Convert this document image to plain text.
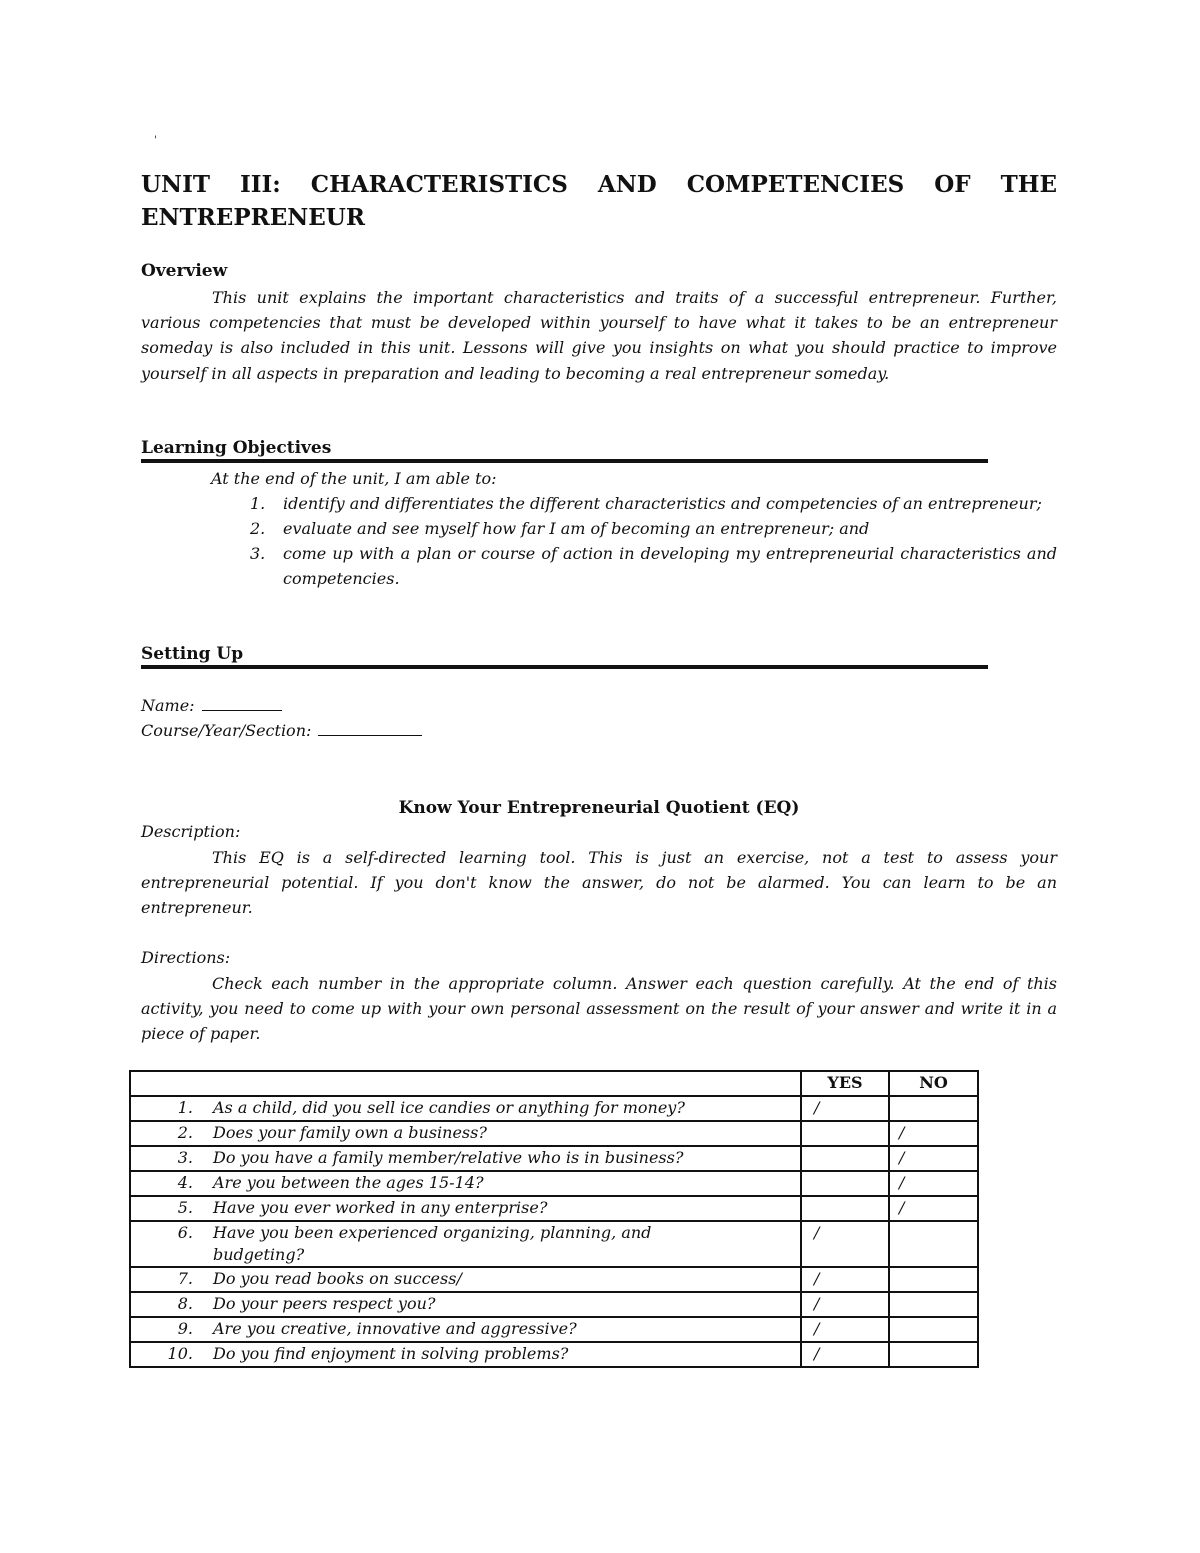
'
UNIT III: CHARACTERISTICS AND COMPETENCIES OF THE ENTREPRENEUR
Overview

This unit explains the important characteristics and traits of a successful entrepreneur. Further, various competencies that must be developed within yourself to have what it takes to be an entrepreneur someday is also included in this unit. Lessons will give you insights on what you should practice to improve yourself in all aspects in preparation and leading to becoming a real entrepreneur someday.

Learning Objectives
At the end of the unit, I am able to:
1. identify and differentiates the different characteristics and competencies of an entrepreneur;
2. evaluate and see myself how far I am of becoming an entrepreneur; and
3. come up with a plan or course of action in developing my entrepreneurial characteristics and competencies.
Setting Up
Name:
Course/Year/Section:
Know Your Entrepreneurial Quotient (EQ)
Description:

This EQ is a self-directed learning tool. This is just an exercise, not a test to assess your entrepreneurial potential. If you don't know the answer, do not be alarmed. You can learn to be an entrepreneur.

Directions:

Check each number in the appropriate column. Answer each question carefully. At the end of this activity, you need to come up with your own personal assessment on the result of your answer and write it in a piece of paper.

	YES	NO

1. As a child, did you sell ice candies or anything for money?	/	

2. Does your family own a business?		/

3. Do you have a family member/relative who is in business?		/

4. Are you between the ages 15-14?		/

5. Have you ever worked in any enterprise?		/

6. Have you been experienced organizing, planning, and budgeting?	/	

7. Do you read books on success/	/	

8. Do your peers respect you?	/	

9. Are you creative, innovative and aggressive?	/	

10. Do you find enjoyment in solving problems?	/	
